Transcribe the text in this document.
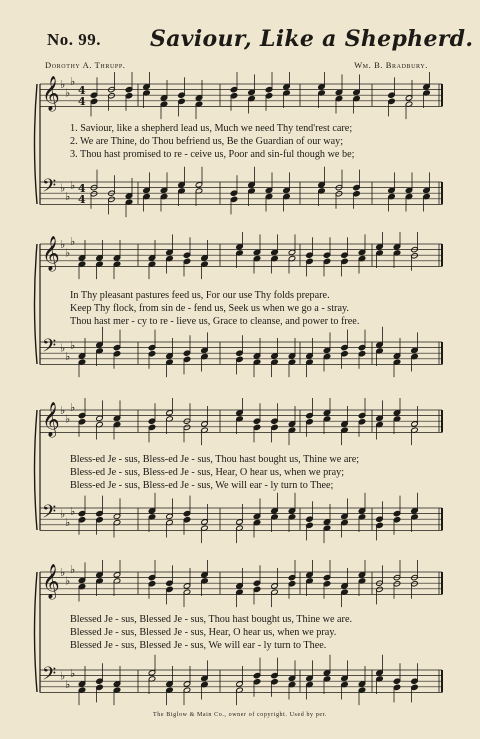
No. 99. Saviour, Like a Shepherd.
Dorothy A. Thrupp.	Wm. B. Bradbury.
𝄞 ♭
♭
♭
4
4
𝄢 ♭
♭
♭ 4
4
1. Saviour, like a shepherd lead us, Much we need Thy tend'rest care;
2. We are Thine, do Thou befriend us, Be the Guardian of our way;
3. Thou hast promised to re - ceive us, Poor and sin-ful though we be;
𝄞 ♭
♭
♭
𝄢 ♭
♭
♭
In Thy pleasant pastures feed us, For our use Thy folds prepare.
Keep Thy flock, from sin de - fend us, Seek us when we go a - stray.
Thou hast mer - cy to re - lieve us, Grace to cleanse, and power to free.
𝄞 ♭
♭
♭
𝄢 ♭
♭
♭
Bless-ed Je - sus, Bless-ed Je - sus, Thou hast bought us, Thine we are;
Bless-ed Je - sus, Bless-ed Je - sus, Hear, O hear us, when we pray;
Bless-ed Je - sus, Bless-ed Je - sus, We will ear - ly turn to Thee;
𝄞 ♭
♭
♭
𝄢 ♭
♭
♭
Blessed Je - sus, Blessed Je - sus, Thou hast bought us, Thine we are.
Blessed Je - sus, Blessed Je - sus, Hear, O hear us, when we pray.
Blessed Je - sus, Blessed Je - sus, We will ear - ly turn to Thee.
The Biglow & Main Co., owner of copyright. Used by per.
